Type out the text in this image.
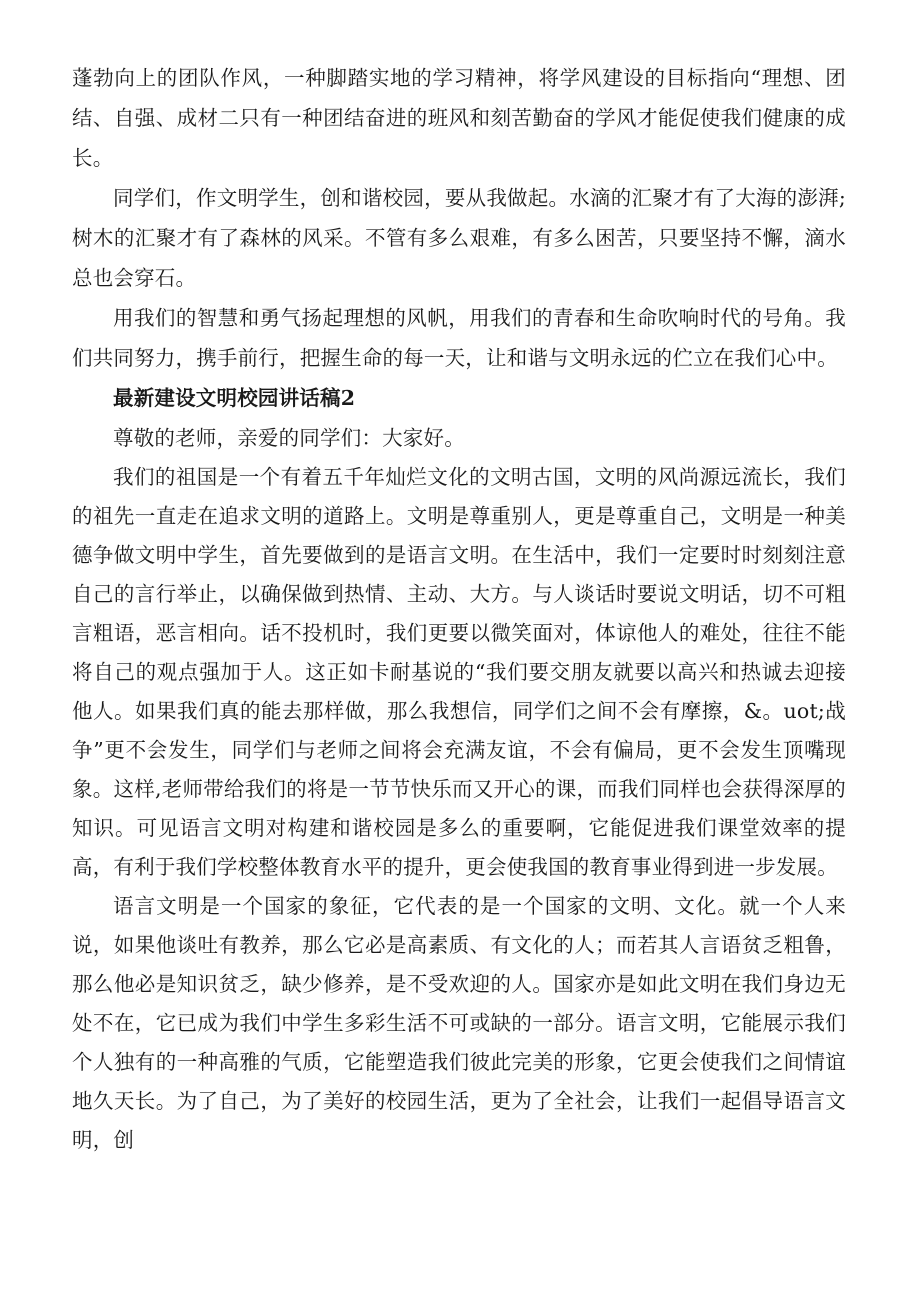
蓬勃向上的团队作风，一种脚踏实地的学习精神，将学风建设的目标指向“理想、团结、自强、成材二只有一种团结奋进的班风和刻苦勤奋的学风才能促使我们健康的成长。

同学们，作文明学生，创和谐校园，要从我做起。水滴的汇聚才有了大海的澎湃;树木的汇聚才有了森林的风采。不管有多么艰难，有多么困苦，只要坚持不懈，滴水总也会穿石。

用我们的智慧和勇气扬起理想的风帆，用我们的青春和生命吹响时代的号角。我们共同努力，携手前行，把握生命的每一天，让和谐与文明永远的伫立在我们心中。

最新建设文明校园讲话稿2

尊敬的老师，亲爱的同学们：大家好。

我们的祖国是一个有着五千年灿烂文化的文明古国，文明的风尚源远流长，我们的祖先一直走在追求文明的道路上。文明是尊重别人，更是尊重自己，文明是一种美德争做文明中学生，首先要做到的是语言文明。在生活中，我们一定要时时刻刻注意自己的言行举止，以确保做到热情、主动、大方。与人谈话时要说文明话，切不可粗言粗语，恶言相向。话不投机时，我们更要以微笑面对，体谅他人的难处，往往不能将自己的观点强加于人。这正如卡耐基说的“我们要交朋友就要以高兴和热诚去迎接他人。如果我们真的能去那样做，那么我想信，同学们之间不会有摩擦，&。uot;战争”更不会发生，同学们与老师之间将会充满友谊，不会有偏局，更不会发生顶嘴现象。这样,老师带给我们的将是一节节快乐而又开心的课，而我们同样也会获得深厚的知识。可见语言文明对构建和谐校园是多么的重要啊，它能促进我们课堂效率的提高，有利于我们学校整体教育水平的提升，更会使我国的教育事业得到进一步发展。

语言文明是一个国家的象征，它代表的是一个国家的文明、文化。就一个人来说，如果他谈吐有教养，那么它必是高素质、有文化的人；而若其人言语贫乏粗鲁，那么他必是知识贫乏，缺少修养，是不受欢迎的人。国家亦是如此文明在我们身边无处不在，它已成为我们中学生多彩生活不可或缺的一部分。语言文明，它能展示我们个人独有的一种高雅的气质，它能塑造我们彼此完美的形象，它更会使我们之间情谊地久天长。为了自己，为了美好的校园生活，更为了全社会，让我们一起倡导语言文明，创
